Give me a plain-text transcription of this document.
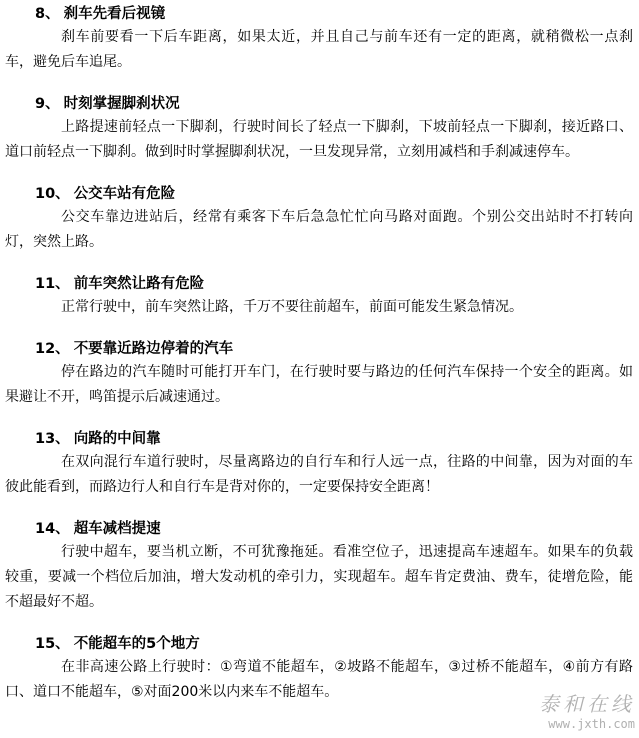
8、 刹车先看后视镜

刹车前要看一下后车距离，如果太近，并且自己与前车还有一定的距离，就稍微松一点刹车，避免后车追尾。

9、 时刻掌握脚刹状况

上路提速前轻点一下脚刹，行驶时间长了轻点一下脚刹，下坡前轻点一下脚刹，接近路口、道口前轻点一下脚刹。做到时时掌握脚刹状况，一旦发现异常，立刻用减档和手刹减速停车。

10、 公交车站有危险

公交车靠边进站后，经常有乘客下车后急急忙忙向马路对面跑。个别公交出站时不打转向灯，突然上路。

11、 前车突然让路有危险

正常行驶中，前车突然让路，千万不要往前超车，前面可能发生紧急情况。

12、 不要靠近路边停着的汽车

停在路边的汽车随时可能打开车门，在行驶时要与路边的任何汽车保持一个安全的距离。如果避让不开，鸣笛提示后减速通过。

13、 向路的中间靠

在双向混行车道行驶时，尽量离路边的自行车和行人远一点，往路的中间靠，因为对面的车彼此能看到，而路边行人和自行车是背对你的，一定要保持安全距离！

14、 超车减档提速

行驶中超车，要当机立断，不可犹豫拖延。看准空位子，迅速提高车速超车。如果车的负载较重，要减一个档位后加油，增大发动机的牵引力，实现超车。超车肯定费油、费车，徒增危险，能不超最好不超。

15、 不能超车的5个地方

在非高速公路上行驶时：①弯道不能超车，②坡路不能超车，③过桥不能超车，④前方有路口、道口不能超车，⑤对面200米以内来车不能超车。	泰和在线
www.jxth.com
